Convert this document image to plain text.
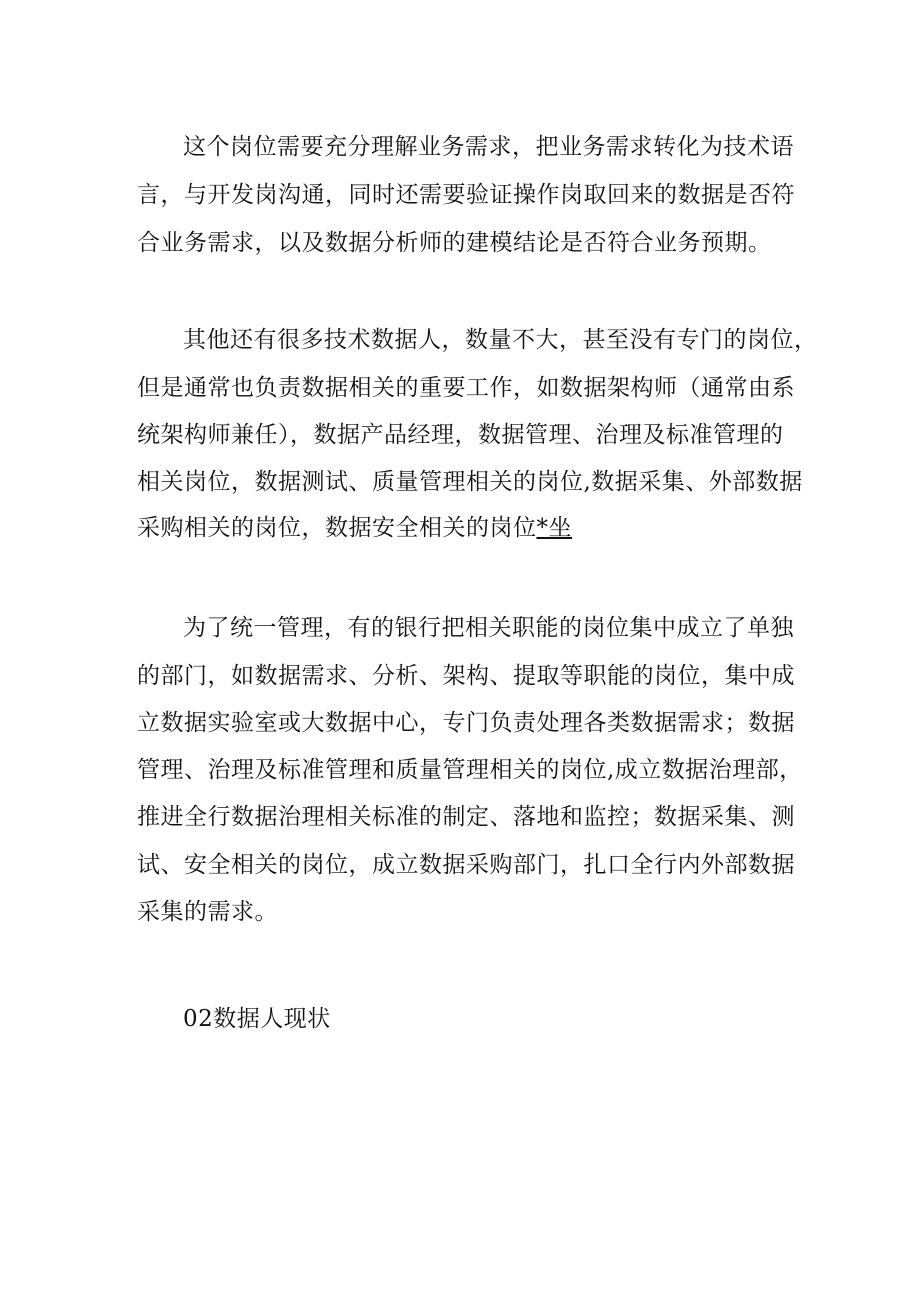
这个岗位需要充分理解业务需求，把业务需求转化为技术语
言，与开发岗沟通，同时还需要验证操作岗取回来的数据是否符
合业务需求，以及数据分析师的建模结论是否符合业务预期。
其他还有很多技术数据人，数量不大，甚至没有专门的岗位，
但是通常也负责数据相关的重要工作，如数据架构师（通常由系
统架构师兼任），数据产品经理，数据管理、治理及标准管理的
相关岗位，数据测试、质量管理相关的岗位,数据采集、外部数据
采购相关的岗位，数据安全相关的岗位*坐
为了统一管理，有的银行把相关职能的岗位集中成立了单独
的部门，如数据需求、分析、架构、提取等职能的岗位，集中成
立数据实验室或大数据中心，专门负责处理各类数据需求；数据
管理、治理及标准管理和质量管理相关的岗位,成立数据治理部，
推进全行数据治理相关标准的制定、落地和监控；数据采集、测
试、安全相关的岗位，成立数据采购部门，扎口全行内外部数据
采集的需求。
02数据人现状
